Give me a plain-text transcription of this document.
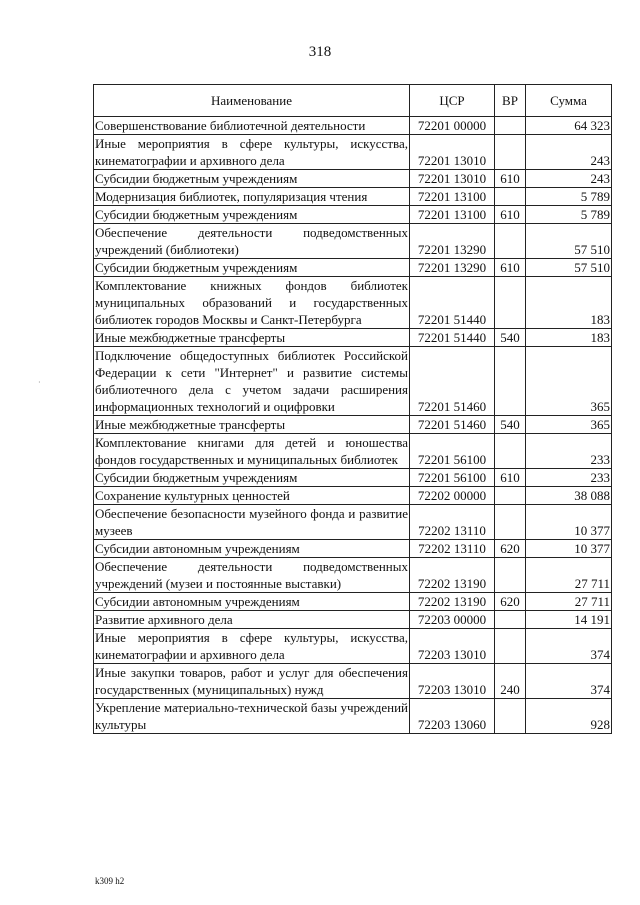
318
Наименование	ЦСР	ВР	Сумма
Совершенствование библиотечной деятельности	72201 00000		64 323
Иные мероприятия в сфере культуры, искусства, кинематографии и архивного дела	72201 13010		243
Субсидии бюджетным учреждениям	72201 13010	610	243
Модернизация библиотек, популяризация чтения	72201 13100		5 789
Субсидии бюджетным учреждениям	72201 13100	610	5 789
Обеспечение деятельности подведомственных учреждений (библиотеки)	72201 13290		57 510
Субсидии бюджетным учреждениям	72201 13290	610	57 510
Комплектование книжных фондов библиотек муниципальных образований и государственных библиотек городов Москвы и Санкт-Петербурга	72201 51440		183
Иные межбюджетные трансферты	72201 51440	540	183
Подключение общедоступных библиотек Российской Федерации к сети "Интернет" и развитие системы библиотечного дела с учетом задачи расширения информационных технологий и оцифровки	72201 51460		365
Иные межбюджетные трансферты	72201 51460	540	365
Комплектование книгами для детей и юношества фондов государственных и муниципальных библиотек	72201 56100		233
Субсидии бюджетным учреждениям	72201 56100	610	233
Сохранение культурных ценностей	72202 00000		38 088
Обеспечение безопасности музейного фонда и развитие музеев	72202 13110		10 377
Субсидии автономным учреждениям	72202 13110	620	10 377
Обеспечение деятельности подведомственных учреждений (музеи и постоянные выставки)	72202 13190		27 711
Субсидии автономным учреждениям	72202 13190	620	27 711
Развитие архивного дела	72203 00000		14 191
Иные мероприятия в сфере культуры, искусства, кинематографии и архивного дела	72203 13010		374
Иные закупки товаров, работ и услуг для обеспечения государственных (муниципальных) нужд	72203 13010	240	374
Укрепление материально-технической базы учреждений культуры	72203 13060		928
·
k309 h2
